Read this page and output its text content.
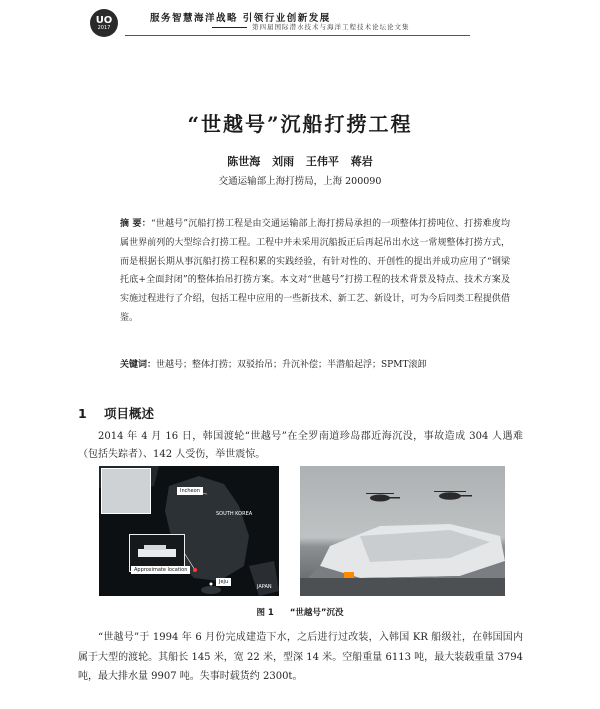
UO
2017
服务智慧海洋战略 引领行业创新发展
第四届国际潜水技术与海洋工程技术论坛论文集
“世越号”沉船打捞工程
陈世海 刘雨 王伟平 蒋岩
交通运输部上海打捞局，上海 200090
摘 要：“世越号”沉船打捞工程是由交通运输部上海打捞局承担的一项整体打捞吨位、打捞难度均属世界前列的大型综合打捞工程。工程中并未采用沉船扳正后再起吊出水这一常规整体打捞方式，而是根据长期从事沉船打捞工程积累的实践经验，有针对性的、开创性的提出并成功应用了“钢梁托底+全面封闭”的整体抬吊打捞方案。本文对“世越号”打捞工程的技术背景及特点、技术方案及实施过程进行了介绍，包括工程中应用的一些新技术、新工艺、新设计，可为今后同类工程提供借鉴。
关键词：世越号；整体打捞；双驳抬吊；升沉补偿；半潜船起浮；SPMT滚卸
1 项目概述
2014 年 4 月 16 日，韩国渡轮“世越号”在全罗南道珍岛郡近海沉没，事故造成 304 人遇难（包括失踪者）、142 人受伤，举世震惊。
Incheon
SOUTH KOREA
Approximate location
Jeju
JAPAN
图 1 “世越号”沉没
“世越号”于 1994 年 6 月份完成建造下水，之后进行过改装，入韩国 KR 船级社，在韩国国内属于大型的渡轮。其船长 145 米，宽 22 米，型深 14 米。空船重量 6113 吨，最大装载重量 3794 吨，最大排水量 9907 吨。失事时载货约 2300t。
